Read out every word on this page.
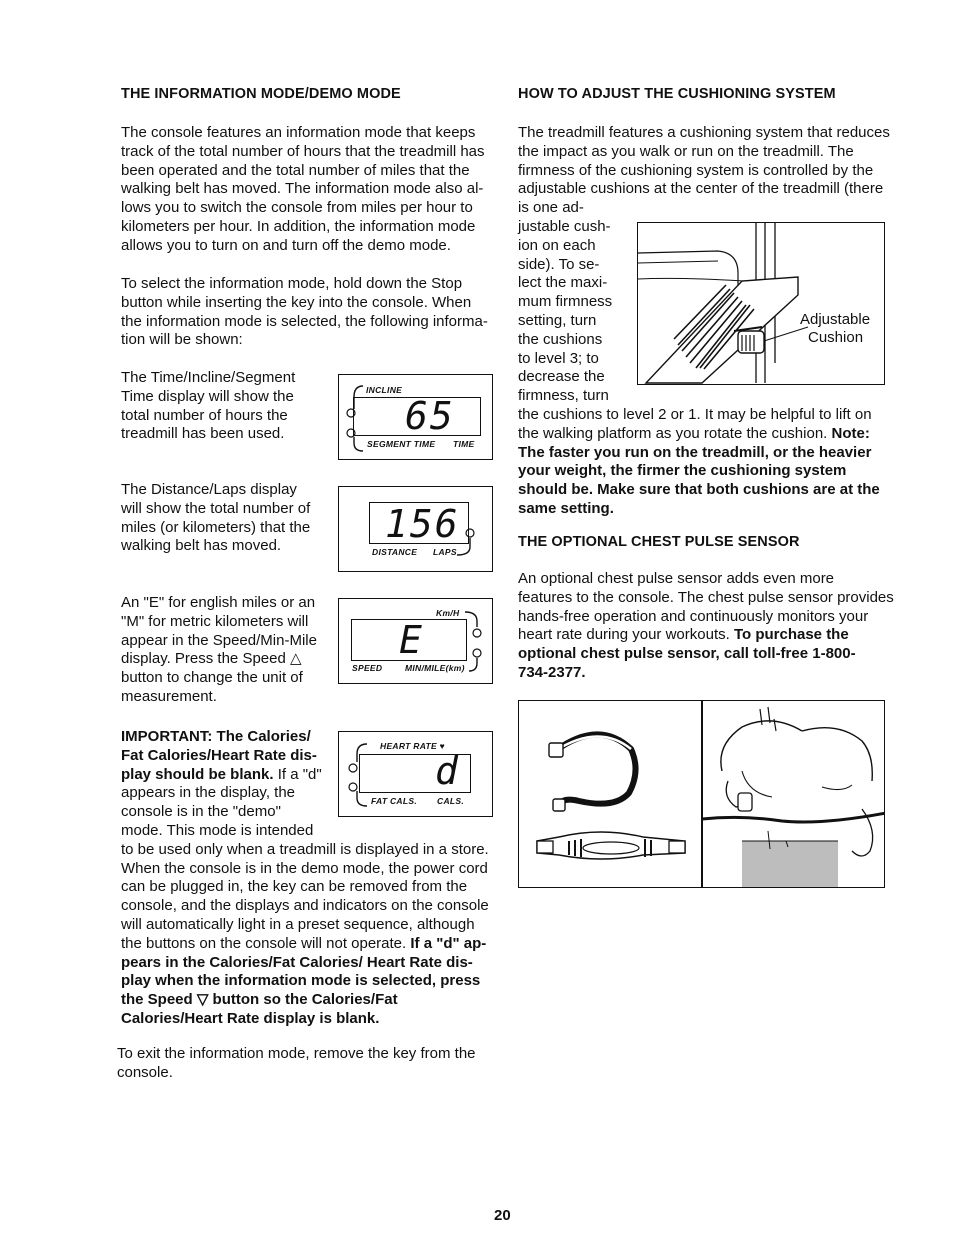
THE INFORMATION MODE/DEMO MODE
The console features an information mode that keeps
track of the total number of hours that the treadmill has
been operated and the total number of miles that the
walking belt has moved. The information mode also al-
lows you to switch the console from miles per hour to
kilometers per hour. In addition, the information mode
allows you to turn on and turn off the demo mode.
To select the information mode, hold down the Stop
button while inserting the key into the console. When
the information mode is selected, the following informa-
tion will be shown:
The Time/Incline/Segment
Time display will show the
total number of hours the
treadmill has been used.
The Distance/Laps display
will show the total number of
miles (or kilometers) that the
walking belt has moved.
An "E" for english miles or an
"M" for metric kilometers will
appear in the Speed/Min-Mile
display. Press the Speed △
button to change the unit of
measurement.
IMPORTANT: The Calories/
Fat Calories/Heart Rate dis-
play should be blank. If a "d"
appears in the display, the
console is in the "demo"
mode. This mode is intended
to be used only when a treadmill is displayed in a store.
When the console is in the demo mode, the power cord
can be plugged in, the key can be removed from the
console, and the displays and indicators on the console
will automatically light in a preset sequence, although
the buttons on the console will not operate. If a "d" ap-
pears in the Calories/Fat Calories/ Heart Rate dis-
play when the information mode is selected, press
the Speed ▽ button so the Calories/Fat
Calories/Heart Rate display is blank.
To exit the information mode, remove the key from the
console.
INCLINE
65
SEGMENT TIME TIME
156
DISTANCE LAPS
Km/H
E
SPEED	MIN/MILE(km)
HEART RATE ♥
d
FAT CALS. CALS.
HOW TO ADJUST THE CUSHIONING SYSTEM
The treadmill features a cushioning system that reduces
the impact as you walk or run on the treadmill. The
firmness of the cushioning system is controlled by the
adjustable cushions at the center of the treadmill (there
is one ad-
justable cush-
ion on each
side). To se-
lect the maxi-
mum firmness
setting, turn
the cushions
to level 3; to
decrease the
firmness, turn
the cushions to level 2 or 1. It may be helpful to lift on
the walking platform as you rotate the cushion. Note:
The faster you run on the treadmill, or the heavier
your weight, the firmer the cushioning system
should be. Make sure that both cushions are at the
same setting.
Adjustable
Cushion
THE OPTIONAL CHEST PULSE SENSOR
An optional chest pulse sensor adds even more
features to the console. The chest pulse sensor provides
hands-free operation and continuously monitors your
heart rate during your workouts. To purchase the
optional chest pulse sensor, call toll-free 1-800-
734-2377.
20
